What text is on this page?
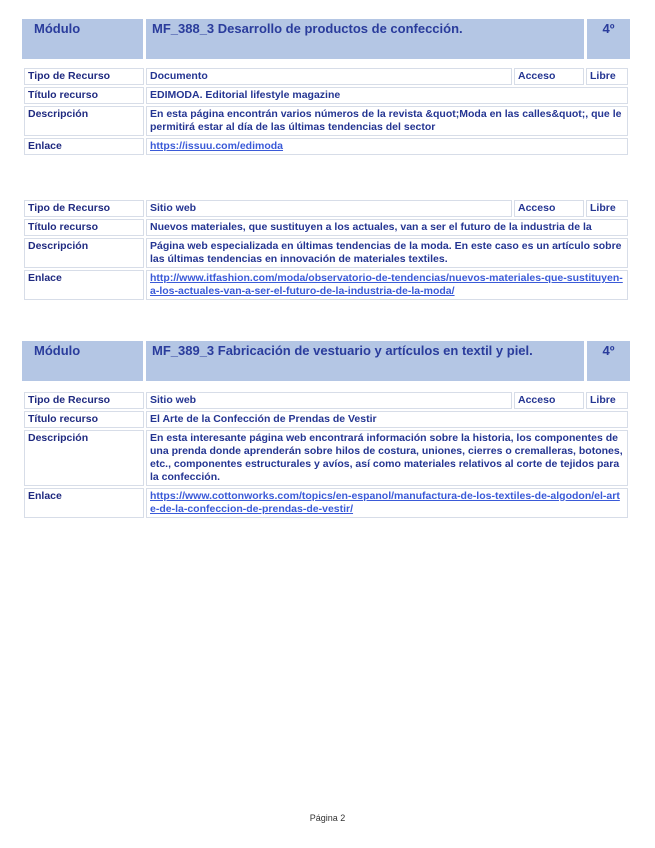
Módulo	MF_388_3 Desarrollo de productos de confección.	4º
Tipo de Recurso	Documento	Acceso	Libre
Título recurso	EDIMODA. Editorial lifestyle magazine		
Descripción	En esta página encontrán varios números de la revista &quot;Moda en las calles&quot;, que le permitirá estar al día de las últimas tendencias del sector		
Enlace	https://issuu.com/edimoda		
Tipo de Recurso	Sitio web	Acceso	Libre
Título recurso	Nuevos materiales, que sustituyen a los actuales, van a ser el futuro de la industria de la		
Descripción	Página web especializada en últimas tendencias de la moda. En este caso es un artículo sobre las últimas tendencias en innovación de materiales textiles.		
Enlace	http://www.itfashion.com/moda/observatorio-de-tendencias/nuevos-materiales-que-sustituyen-a-los-actuales-van-a-ser-el-futuro-de-la-industria-de-la-moda/		
Módulo	MF_389_3 Fabricación de vestuario y artículos en textil y piel.	4º
Tipo de Recurso	Sitio web	Acceso	Libre
Título recurso	El Arte de la Confección de Prendas de Vestir		
Descripción	En esta interesante página web encontrará información sobre la historia, los componentes de una prenda donde aprenderán sobre hilos de costura, uniones, cierres o cremalleras, botones, etc., componentes estructurales y avíos, así como materiales relativos al corte de tejidos para la confección.		
Enlace	https://www.cottonworks.com/topics/en-espanol/manufactura-de-los-textiles-de-algodon/el-arte-de-la-confeccion-de-prendas-de-vestir/		
Página 2
